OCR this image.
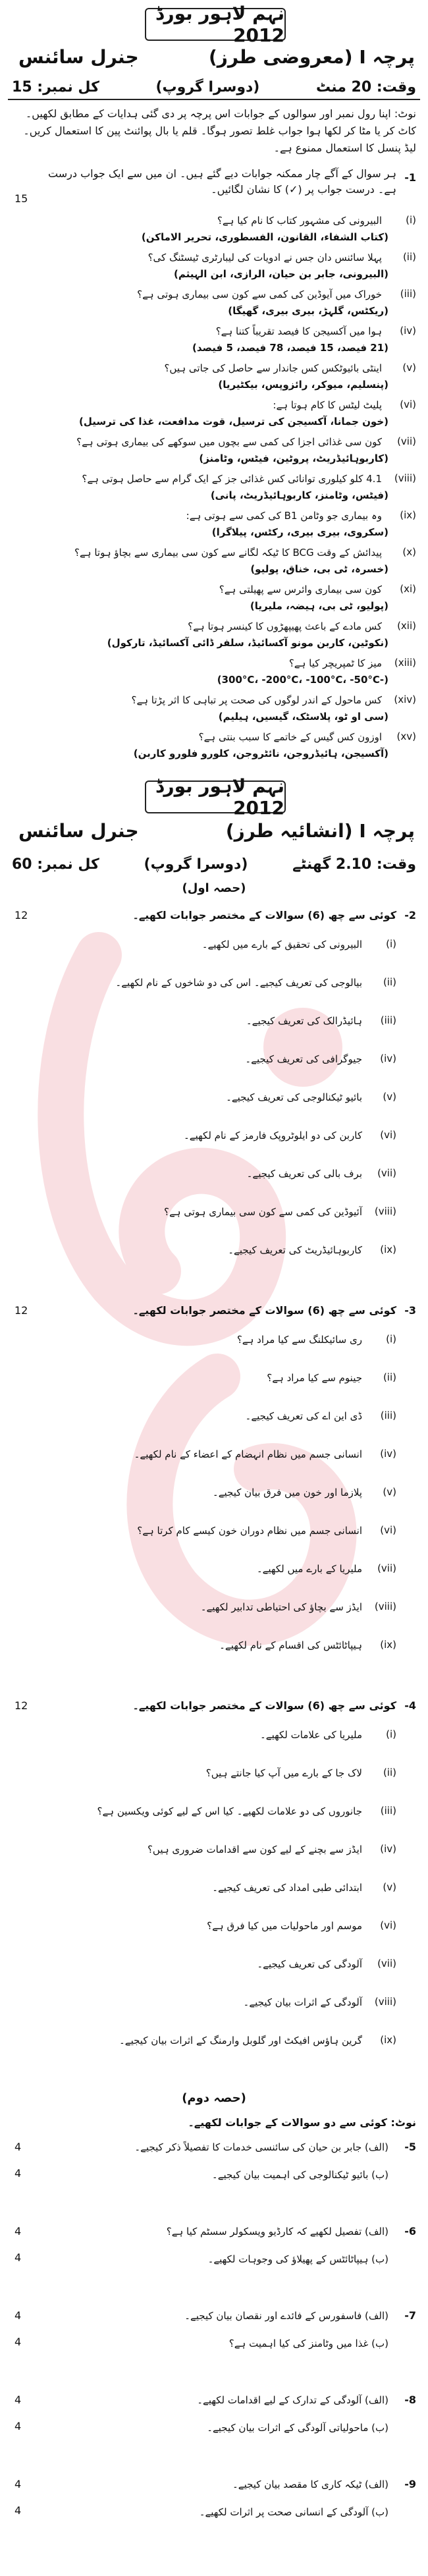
نہم لاہور بورڈ 2012
جنرل سائنس	پرچہ I (معروضی طرز)
وقت: 20 منٹ
(دوسرا گروپ)
کل نمبر: 15
نوٹ: اپنا رول نمبر اور سوالوں کے جوابات اس پرچہ پر دی گئی ہدایات کے مطابق لکھیں۔ کاٹ کر یا مٹا کر لکھا ہوا جواب غلط تصور ہوگا۔ قلم یا بال پوائنٹ پین کا استعمال کریں۔ لیڈ پنسل کا استعمال ممنوع ہے۔
-1
ہر سوال کے آگے چار ممکنہ جوابات دیے گئے ہیں۔ ان میں سے ایک جواب درست ہے۔ درست جواب پر (✓) کا نشان لگائیں۔
15
(i)
البیرونی کی مشہور کتاب کا نام کیا ہے؟
(کتاب الشفاء، القانون، الفسطوری، تحریر الاماکن)
(ii)
پہلا سائنس دان جس نے ادویات کی لیبارٹری ٹیسٹنگ کی؟
(البیرونی، جابر بن حیان، الرازی، ابن الہیثم)
(iii)
خوراک میں آیوڈین کی کمی سے کون سی بیماری ہوتی ہے؟
(ریکٹس، گلہڑ، بیری بیری، گھیگا)
(iv)
ہوا میں آکسیجن کا فیصد تقریباً کتنا ہے؟
(21 فیصد، 15 فیصد، 78 فیصد، 5 فیصد)
(v)
اینٹی بائیوٹکس کس جاندار سے حاصل کی جاتی ہیں؟
(پنسلیم، میوکر، رائزوپس، بیکٹیریا)
(vi)
پلیٹ لیٹس کا کام ہوتا ہے:
(خون جمانا، آکسیجن کی ترسیل، قوت مدافعت، غذا کی ترسیل)
(vii)
کون سی غذائی اجزا کی کمی سے بچوں میں سوکھے کی بیماری ہوتی ہے؟
(کاربوہائیڈریٹ، پروٹین، فیٹس، وٹامنز)
(viii)
4.1 کلو کیلوری توانائی کس غذائی جز کے ایک گرام سے حاصل ہوتی ہے؟
(فیٹس، وٹامنز، کاربوہائیڈریٹ، پانی)
(ix)
وہ بیماری جو وٹامن B1 کی کمی سے ہوتی ہے:
(سکروی، بیری بیری، رکٹس، پیلاگرا)
(x)
پیدائش کے وقت BCG کا ٹیکہ لگانے سے کون سی بیماری سے بچاؤ ہوتا ہے؟
(خسرہ، ٹی بی، خناق، پولیو)
(xi)
کون سی بیماری وائرس سے پھیلتی ہے؟
(پولیو، ٹی بی، ہیضہ، ملیریا)
(xii)
کس مادے کے باعث پھیپھڑوں کا کینسر ہوتا ہے؟
(نکوٹین، کاربن مونو آکسائیڈ، سلفر ڈائی آکسائیڈ، تارکول)
(xiii)
میز کا ٹمپریچر کیا ہے؟
(-300°C، -200°C، -100°C، -50°C)
(xiv)
کس ماحول کے اندر لوگوں کی صحت پر تباہی کا اثر پڑتا ہے؟
(سی او ٹو، پلاسٹک، گیسیں، ہیلیم)
(xv)
اوزون کس گیس کے خاتمے کا سبب بنتی ہے؟
(آکسیجن، ہائیڈروجن، نائٹروجن، کلورو فلورو کاربن)
نہم لاہور بورڈ 2012
جنرل سائنس	پرچہ I (انشائیہ طرز)
وقت: 2.10 گھنٹے
(دوسرا گروپ)
کل نمبر: 60
(حصہ اول)
-2
کوئی سے چھ (6) سوالات کے مختصر جوابات لکھیے۔
12
(i)
البیرونی کی تحقیق کے بارے میں لکھیے۔
(ii)
بیالوجی کی تعریف کیجیے۔ اس کی دو شاخوں کے نام لکھیے۔
(iii)
ہائیڈرالک کی تعریف کیجیے۔
(iv)
جیوگرافی کی تعریف کیجیے۔
(v)
بائیو ٹیکنالوجی کی تعریف کیجیے۔
(vi)
کاربن کی دو ایلوٹروپک فارمز کے نام لکھیے۔
(vii)
برف بالی کی تعریف کیجیے۔
(viii)
آئیوڈین کی کمی سے کون سی بیماری ہوتی ہے؟
(ix)
کاربوہائیڈریٹ کی تعریف کیجیے۔
-3
کوئی سے چھ (6) سوالات کے مختصر جوابات لکھیے۔
12
(i)
ری سائیکلنگ سے کیا مراد ہے؟
(ii)
جینوم سے کیا مراد ہے؟
(iii)
ڈی این اے کی تعریف کیجیے۔
(iv)
انسانی جسم میں نظام انہضام کے اعضاء کے نام لکھیے۔
(v)
پلازما اور خون میں فرق بیان کیجیے۔
(vi)
انسانی جسم میں نظام دوران خون کیسے کام کرتا ہے؟
(vii)
ملیریا کے بارے میں لکھیے۔
(viii)
ایڈز سے بچاؤ کی احتیاطی تدابیر لکھیے۔
(ix)
ہیپاٹائٹس کی اقسام کے نام لکھیے۔
-4
کوئی سے چھ (6) سوالات کے مختصر جوابات لکھیے۔
12
(i)
ملیریا کی علامات لکھیے۔
(ii)
لاک جا کے بارے میں آپ کیا جانتے ہیں؟
(iii)
جانوروں کی دو علامات لکھیے۔ کیا اس کے لیے کوئی ویکسین ہے؟
(iv)
ایڈز سے بچنے کے لیے کون سے اقدامات ضروری ہیں؟
(v)
ابتدائی طبی امداد کی تعریف کیجیے۔
(vi)
موسم اور ماحولیات میں کیا فرق ہے؟
(vii)
آلودگی کی تعریف کیجیے۔
(viii)
آلودگی کے اثرات بیان کیجیے۔
(ix)
گرین ہاؤس افیکٹ اور گلوبل وارمنگ کے اثرات بیان کیجیے۔
(حصہ دوم)
نوٹ: کوئی سے دو سوالات کے جوابات لکھیے۔
-5
(الف) جابر بن حیان کی سائنسی خدمات کا تفصیلاً ذکر کیجیے۔
4
(ب) بائیو ٹیکنالوجی کی اہمیت بیان کیجیے۔
4
-6
(الف) تفصیل لکھیے کہ کارڈیو ویسکولر سسٹم کیا ہے؟
4
(ب) ہیپاٹائٹس کے پھیلاؤ کی وجوہات لکھیے۔
4
-7
(الف) فاسفورس کے فائدے اور نقصان بیان کیجیے۔
4
(ب) غذا میں وٹامنز کی کیا اہمیت ہے؟
4
-8
(الف) آلودگی کے تدارک کے لیے اقدامات لکھیے۔
4
(ب) ماحولیاتی آلودگی کے اثرات بیان کیجیے۔
4
-9
(الف) ٹیکہ کاری کا مقصد بیان کیجیے۔
4
(ب) آلودگی کے انسانی صحت پر اثرات لکھیے۔
4
